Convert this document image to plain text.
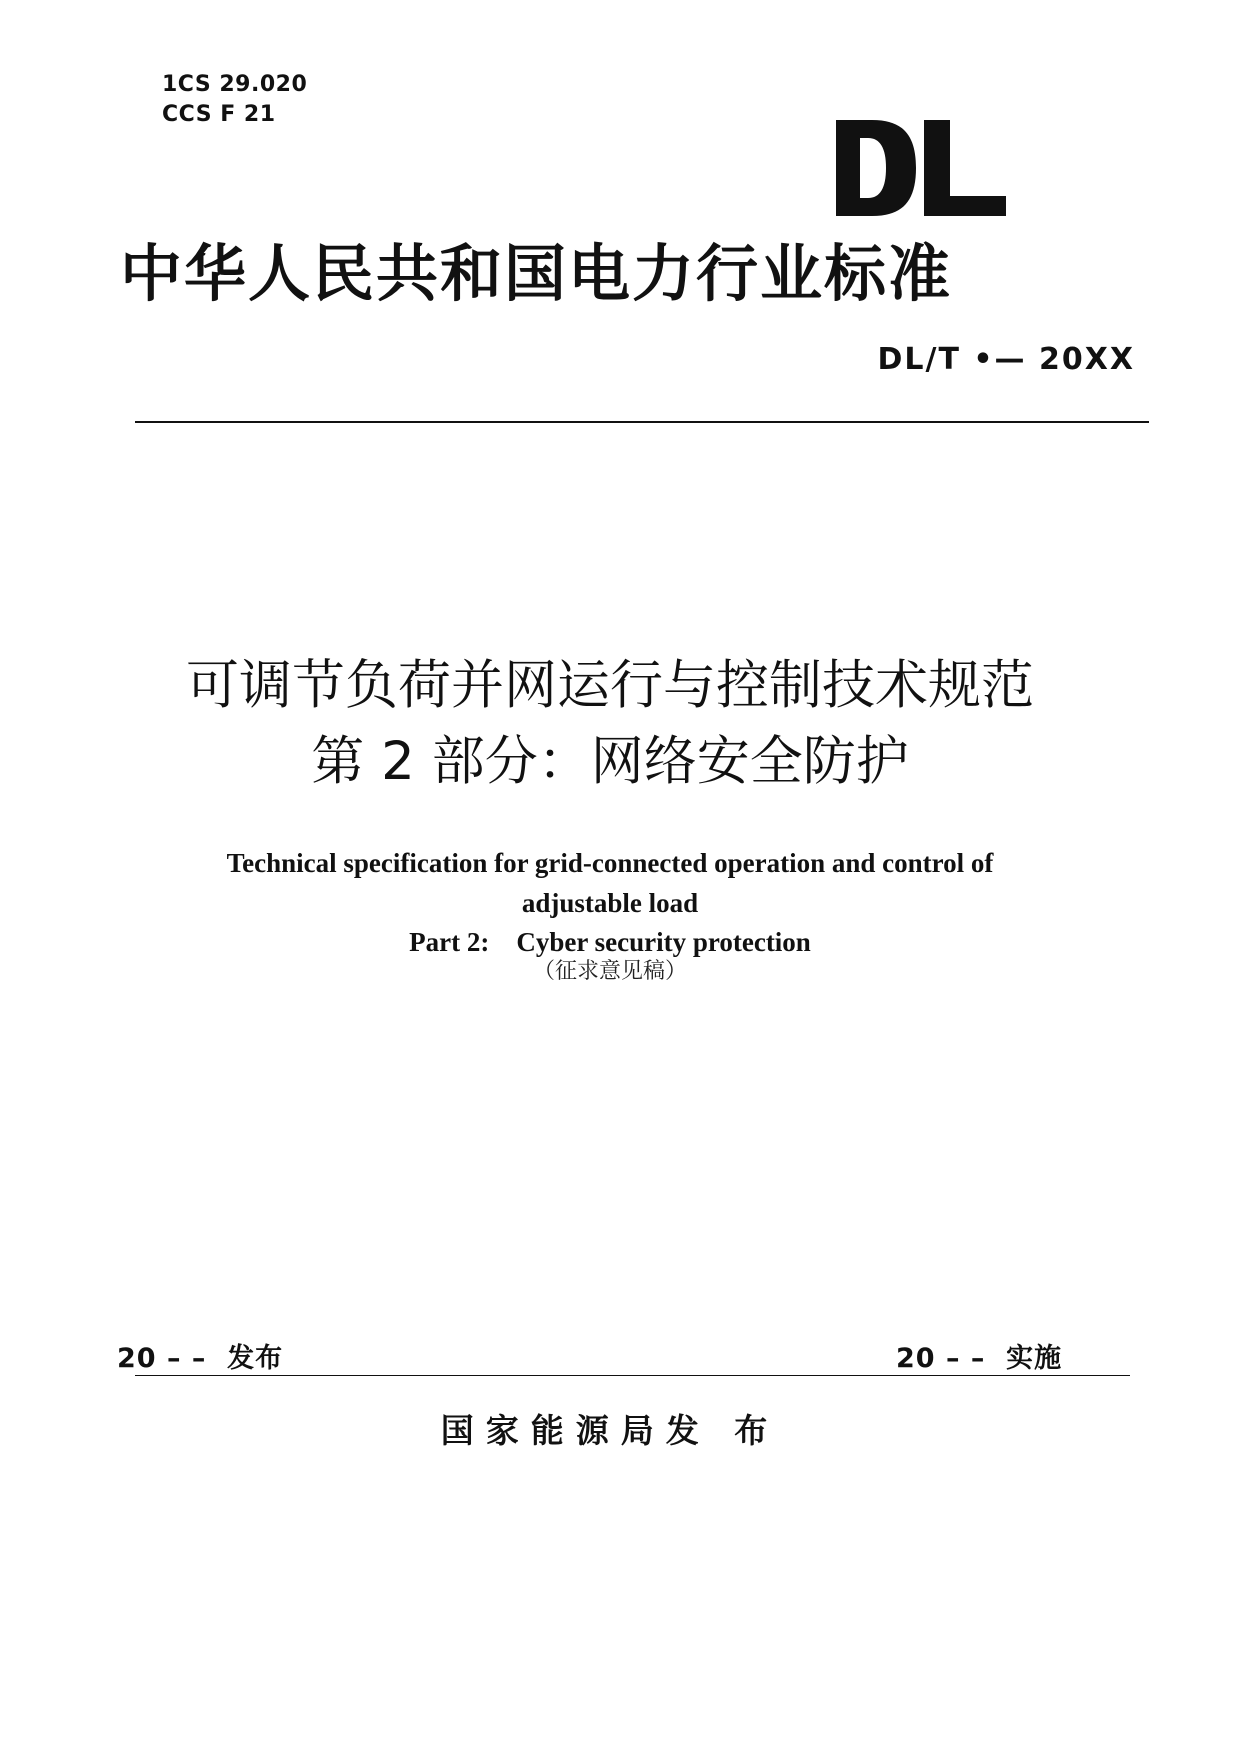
1CS 29.020
CCS F 21
中华人民共和国电力行业标准
DL/T •— 20XX
可调节负荷并网运行与控制技术规范
第 2 部分：网络安全防护
Technical specification for grid-connected operation and control of
adjustable load
Part 2:    Cyber security protection
（征求意见稿）
20 – –  发布	20 – –  实施
国家能源局发 布
